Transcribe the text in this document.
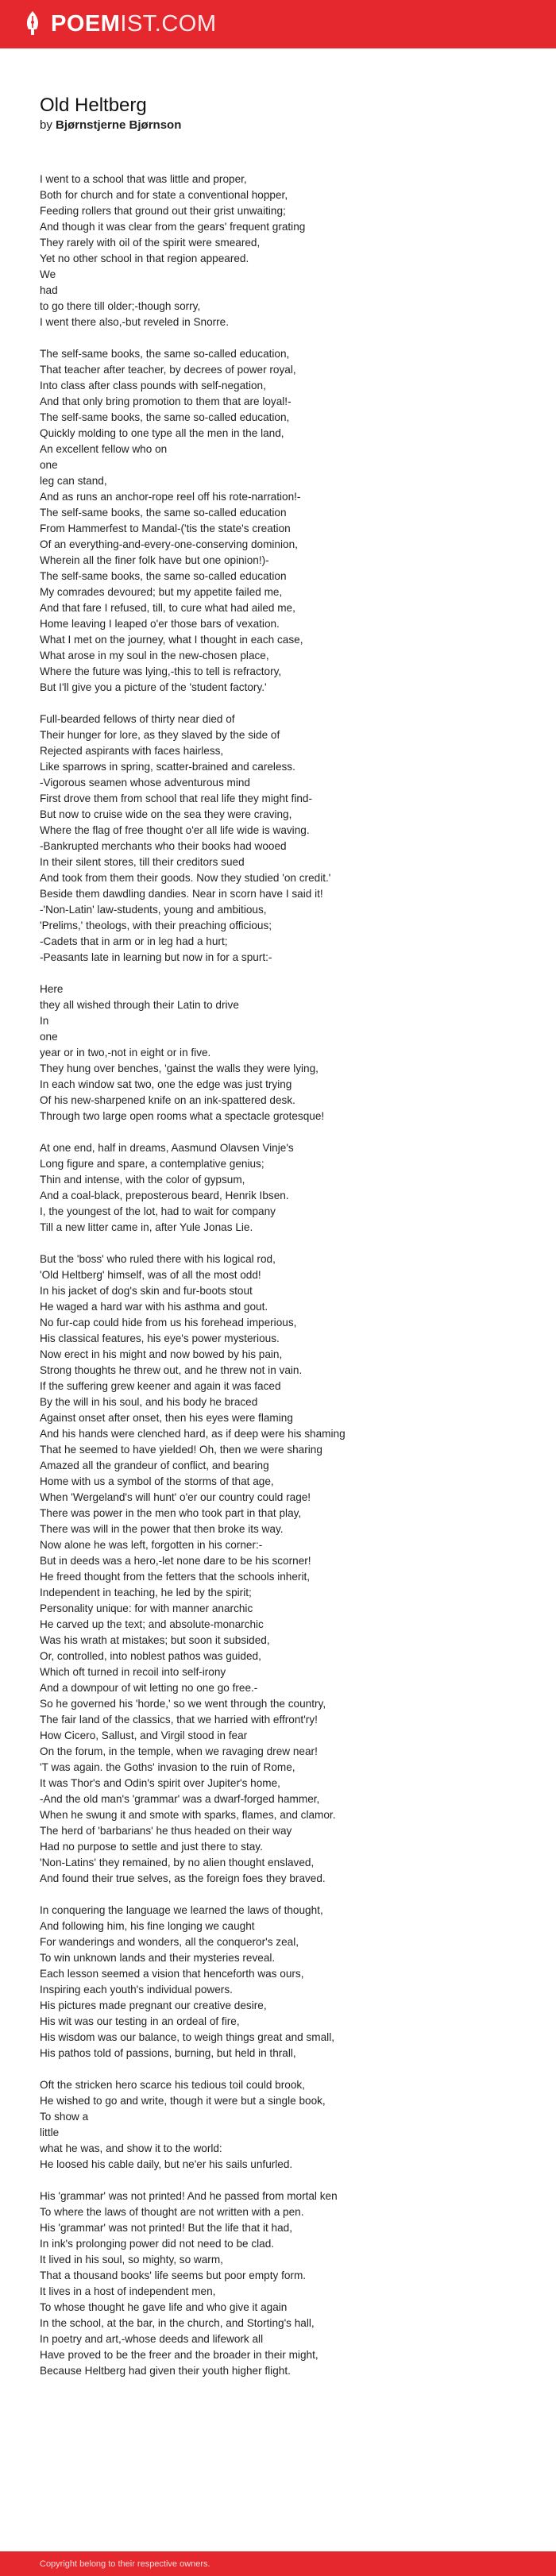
POEMIST.COM
Old Heltberg
by Bjørnstjerne Bjørnson
I went to a school that was little and proper,
Both for church and for state a conventional hopper,
Feeding rollers that ground out their grist unwaiting;
And though it was clear from the gears' frequent grating
They rarely with oil of the spirit were smeared,
Yet no other school in that region appeared.
We
had
to go there till older;-though sorry,
I went there also,-but reveled in Snorre.
The self-same books, the same so-called education,
That teacher after teacher, by decrees of power royal,
Into class after class pounds with self-negation,
And that only bring promotion to them that are loyal!-
The self-same books, the same so-called education,
Quickly molding to one type all the men in the land,
An excellent fellow who on
one
leg can stand,
And as runs an anchor-rope reel off his rote-narration!-
The self-same books, the same so-called education
From Hammerfest to Mandal-('tis the state's creation
Of an everything-and-every-one-conserving dominion,
Wherein all the finer folk have but one opinion!)-
The self-same books, the same so-called education
My comrades devoured; but my appetite failed me,
And that fare I refused, till, to cure what had ailed me,
Home leaving I leaped o'er those bars of vexation.
What I met on the journey, what I thought in each case,
What arose in my soul in the new-chosen place,
Where the future was lying,-this to tell is refractory,
But I'll give you a picture of the 'student factory.'
Full-bearded fellows of thirty near died of
Their hunger for lore, as they slaved by the side of
Rejected aspirants with faces hairless,
Like sparrows in spring, scatter-brained and careless.
-Vigorous seamen whose adventurous mind
First drove them from school that real life they might find-
But now to cruise wide on the sea they were craving,
Where the flag of free thought o'er all life wide is waving.
-Bankrupted merchants who their books had wooed
In their silent stores, till their creditors sued
And took from them their goods. Now they studied 'on credit.'
Beside them dawdling dandies. Near in scorn have I said it!
-'Non-Latin' law-students, young and ambitious,
'Prelims,' theologs, with their preaching officious;
-Cadets that in arm or in leg had a hurt;
-Peasants late in learning but now in for a spurt:-
Here
they all wished through their Latin to drive
In
one
year or in two,-not in eight or in five.
They hung over benches, 'gainst the walls they were lying,
In each window sat two, one the edge was just trying
Of his new-sharpened knife on an ink-spattered desk.
Through two large open rooms what a spectacle grotesque!
At one end, half in dreams, Aasmund Olavsen Vinje's
Long figure and spare, a contemplative genius;
Thin and intense, with the color of gypsum,
And a coal-black, preposterous beard, Henrik Ibsen.
I, the youngest of the lot, had to wait for company
Till a new litter came in, after Yule Jonas Lie.
But the 'boss' who ruled there with his logical rod,
'Old Heltberg' himself, was of all the most odd!
In his jacket of dog's skin and fur-boots stout
He waged a hard war with his asthma and gout.
No fur-cap could hide from us his forehead imperious,
His classical features, his eye's power mysterious.
Now erect in his might and now bowed by his pain,
Strong thoughts he threw out, and he threw not in vain.
If the suffering grew keener and again it was faced
By the will in his soul, and his body he braced
Against onset after onset, then his eyes were flaming
And his hands were clenched hard, as if deep were his shaming
That he seemed to have yielded! Oh, then we were sharing
Amazed all the grandeur of conflict, and bearing
Home with us a symbol of the storms of that age,
When 'Wergeland's will hunt' o'er our country could rage!
There was power in the men who took part in that play,
There was will in the power that then broke its way.
Now alone he was left, forgotten in his corner:-
But in deeds was a hero,-let none dare to be his scorner!
He freed thought from the fetters that the schools inherit,
Independent in teaching, he led by the spirit;
Personality unique: for with manner anarchic
He carved up the text; and absolute-monarchic
Was his wrath at mistakes; but soon it subsided,
Or, controlled, into noblest pathos was guided,
Which oft turned in recoil into self-irony
And a downpour of wit letting no one go free.-
So he governed his 'horde,' so we went through the country,
The fair land of the classics, that we harried with effront'ry!
How Cicero, Sallust, and Virgil stood in fear
On the forum, in the temple, when we ravaging drew near!
'T was again. the Goths' invasion to the ruin of Rome,
It was Thor's and Odin's spirit over Jupiter's home,
-And the old man's 'grammar' was a dwarf-forged hammer,
When he swung it and smote with sparks, flames, and clamor.
The herd of 'barbarians' he thus headed on their way
Had no purpose to settle and just there to stay.
'Non-Latins' they remained, by no alien thought enslaved,
And found their true selves, as the foreign foes they braved.
In conquering the language we learned the laws of thought,
And following him, his fine longing we caught
For wanderings and wonders, all the conqueror's zeal,
To win unknown lands and their mysteries reveal.
Each lesson seemed a vision that henceforth was ours,
Inspiring each youth's individual powers.
His pictures made pregnant our creative desire,
His wit was our testing in an ordeal of fire,
His wisdom was our balance, to weigh things great and small,
His pathos told of passions, burning, but held in thrall,
Oft the stricken hero scarce his tedious toil could brook,
He wished to go and write, though it were but a single book,
To show a
little
what he was, and show it to the world:
He loosed his cable daily, but ne'er his sails unfurled.
His 'grammar' was not printed! And he passed from mortal ken
To where the laws of thought are not written with a pen.
His 'grammar' was not printed! But the life that it had,
In ink's prolonging power did not need to be clad.
It lived in his soul, so mighty, so warm,
That a thousand books' life seems but poor empty form.
It lives in a host of independent men,
To whose thought he gave life and who give it again
In the school, at the bar, in the church, and Storting's hall,
In poetry and art,-whose deeds and lifework all
Have proved to be the freer and the broader in their might,
Because Heltberg had given their youth higher flight.
Copyright belong to their respective owners.
